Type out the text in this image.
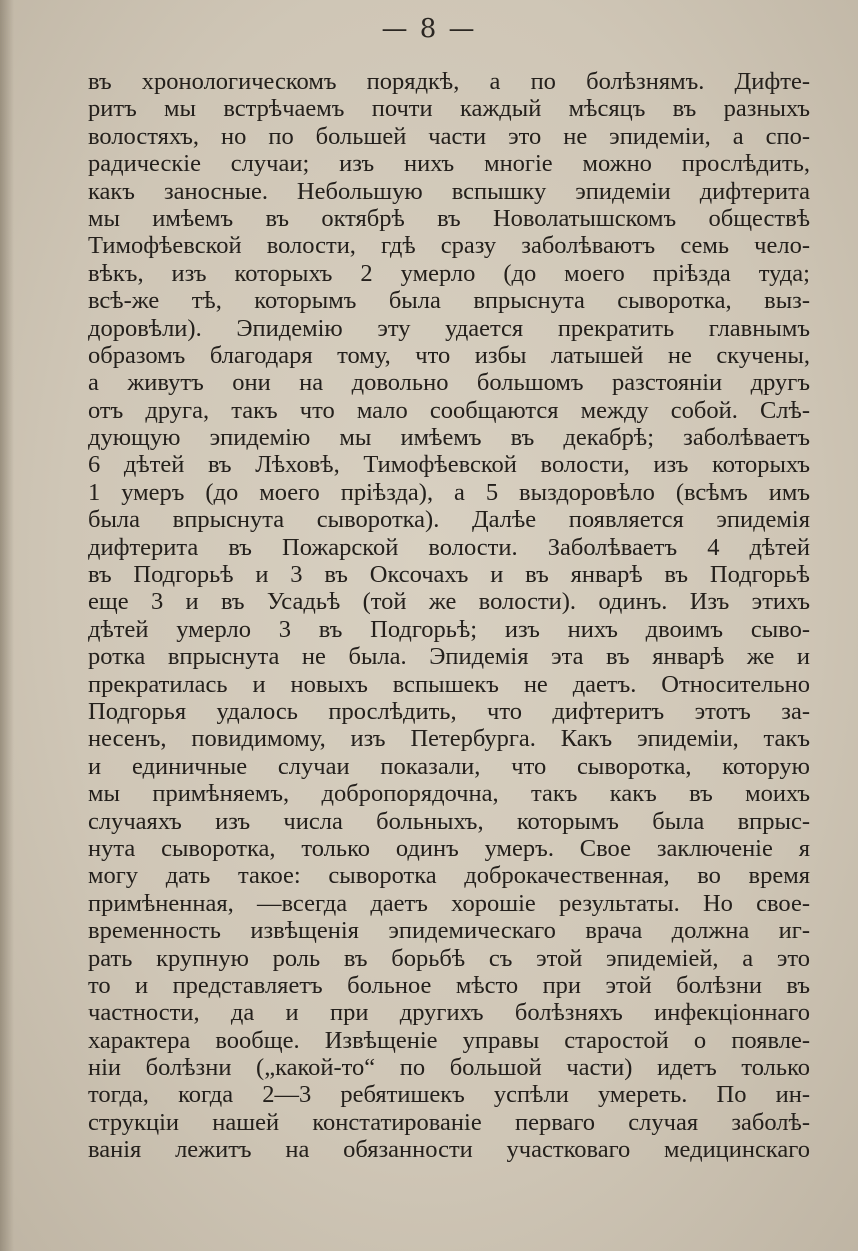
— 8 —
въ хронологическомъ порядкѣ, а по болѣзнямъ. Дифте-
ритъ мы встрѣчаемъ почти каждый мѣсяцъ въ разныхъ
волостяхъ, но по большей части это не эпидеміи, а спо-
радическіе случаи; изъ нихъ многіе можно прослѣдить,
какъ заносные. Небольшую вспышку эпидеміи дифтерита
мы имѣемъ въ октябрѣ въ Новолатышскомъ обществѣ
Тимофѣевской волости, гдѣ сразу заболѣваютъ семь чело-
вѣкъ, изъ которыхъ 2 умерло (до моего пріѣзда туда;
всѣ-же тѣ, которымъ была впрыснута сыворотка, выз-
доровѣли). Эпидемію эту удается прекратить главнымъ
образомъ благодаря тому, что избы латышей не скучены,
а живутъ они на довольно большомъ разстояніи другъ
отъ друга, такъ что мало сообщаются между собой. Слѣ-
дующую эпидемію мы имѣемъ въ декабрѣ; заболѣваетъ
6 дѣтей въ Лѣховѣ, Тимофѣевской волости, изъ которыхъ
1 умеръ (до моего пріѣзда), а 5 выздоровѣло (всѣмъ имъ
была впрыснута сыворотка). Далѣе появляется эпидемія
дифтерита въ Пожарской волости. Заболѣваетъ 4 дѣтей
въ Подгорьѣ и 3 въ Оксочахъ и въ январѣ въ Подгорьѣ
еще 3 и въ Усадьѣ (той же волости). одинъ. Изъ этихъ
дѣтей умерло 3 въ Подгорьѣ; изъ нихъ двоимъ сыво-
ротка впрыснута не была. Эпидемія эта въ январѣ же и
прекратилась и новыхъ вспышекъ не даетъ. Относительно
Подгорья удалось прослѣдить, что дифтеритъ этотъ за-
несенъ, повидимому, изъ Петербурга. Какъ эпидеміи, такъ
и единичные случаи показали, что сыворотка, которую
мы примѣняемъ, добропорядочна, такъ какъ въ моихъ
случаяхъ изъ числа больныхъ, которымъ была впрыс-
нута сыворотка, только одинъ умеръ. Свое заключеніе я
могу дать такое: сыворотка доброкачественная, во время
примѣненная, —всегда даетъ хорошіе результаты. Но свое-
временность извѣщенія эпидемическаго врача должна иг-
рать крупную роль въ борьбѣ съ этой эпидеміей, а это
то и представляетъ больное мѣсто при этой болѣзни въ
частности, да и при другихъ болѣзняхъ инфекціоннаго
характера вообще. Извѣщеніе управы старостой о появле-
ніи болѣзни („какой-то“ по большой части) идетъ только
тогда, когда 2—3 ребятишекъ успѣли умереть. По ин-
струкціи нашей констатированіе перваго случая заболѣ-
ванія лежитъ на обязанности участковаго медицинскаго
